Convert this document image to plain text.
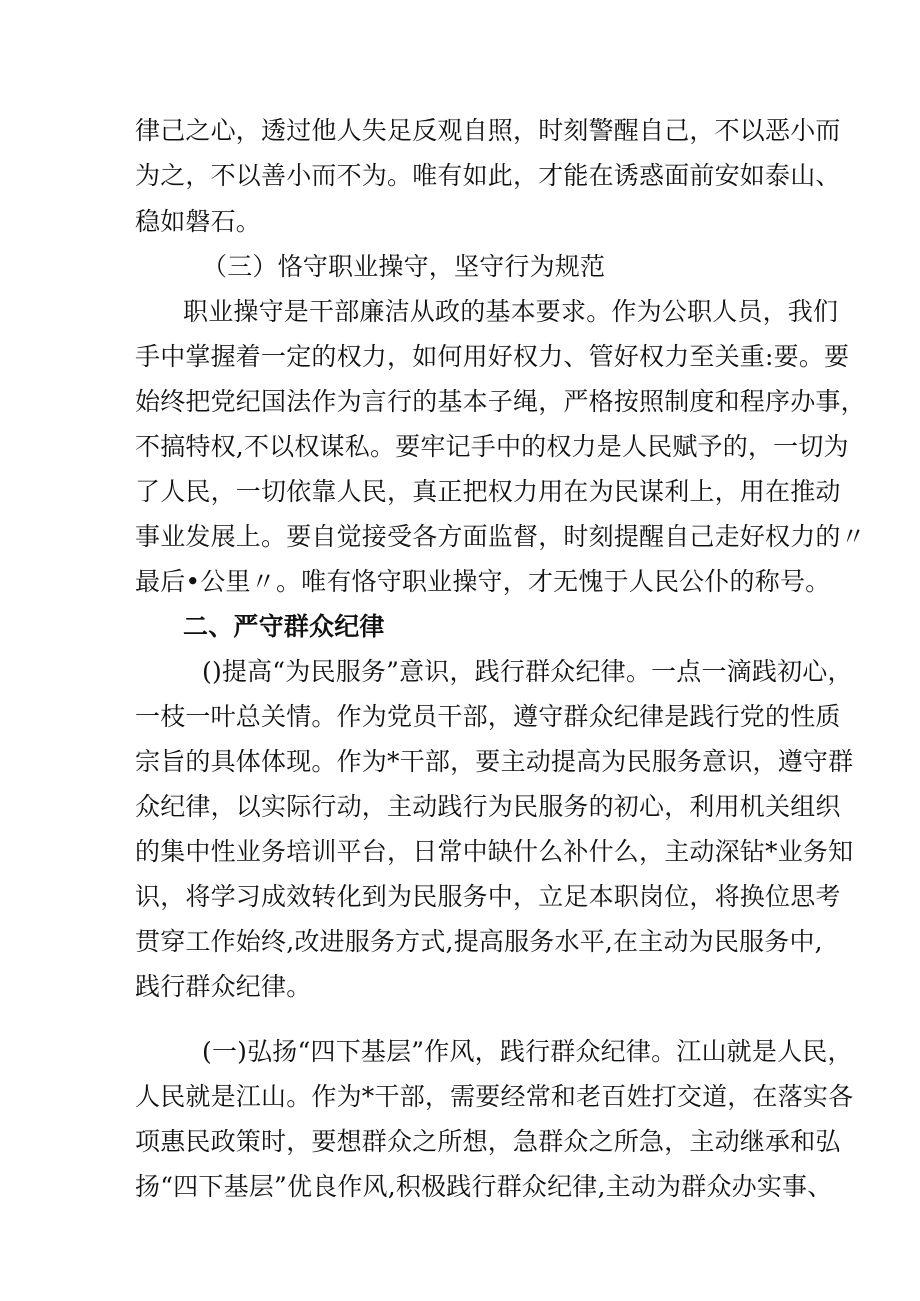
律己之心，透过他人失足反观自照，时刻警醒自己，不以恶小而
为之，不以善小而不为。唯有如此，才能在诱惑面前安如泰山、
稳如磐石。
（三）恪守职业操守，坚守行为规范
职业操守是干部廉洁从政的基本要求。作为公职人员，我们
手中掌握着一定的权力，如何用好权力、管好权力至关重:要。要
始终把党纪国法作为言行的基本子绳，严格按照制度和程序办事，
不搞特权,不以权谋私。要牢记手中的权力是人民赋予的，一切为
了人民，一切依靠人民，真正把权力用在为民谋利上，用在推动
事业发展上。要自觉接受各方面监督，时刻提醒自己走好权力的〃
最后•公里〃。唯有恪守职业操守，才无愧于人民公仆的称号。
二、严守群众纪律
()提高“为民服务”意识，践行群众纪律。一点一滴践初心，
一枝一叶总关情。作为党员干部，遵守群众纪律是践行党的性质
宗旨的具体体现。作为*干部，要主动提高为民服务意识，遵守群
众纪律，以实际行动，主动践行为民服务的初心，利用机关组织
的集中性业务培训平台，日常中缺什么补什么，主动深钻*业务知
识，将学习成效转化到为民服务中，立足本职岗位，将换位思考
贯穿工作始终,改进服务方式,提高服务水平,在主动为民服务中,
践行群众纪律。
(一)弘扬“四下基层”作风，践行群众纪律。江山就是人民，
人民就是江山。作为*干部，需要经常和老百姓打交道，在落实各
项惠民政策时，要想群众之所想，急群众之所急，主动继承和弘
扬“四下基层”优良作风,积极践行群众纪律,主动为群众办实事、
